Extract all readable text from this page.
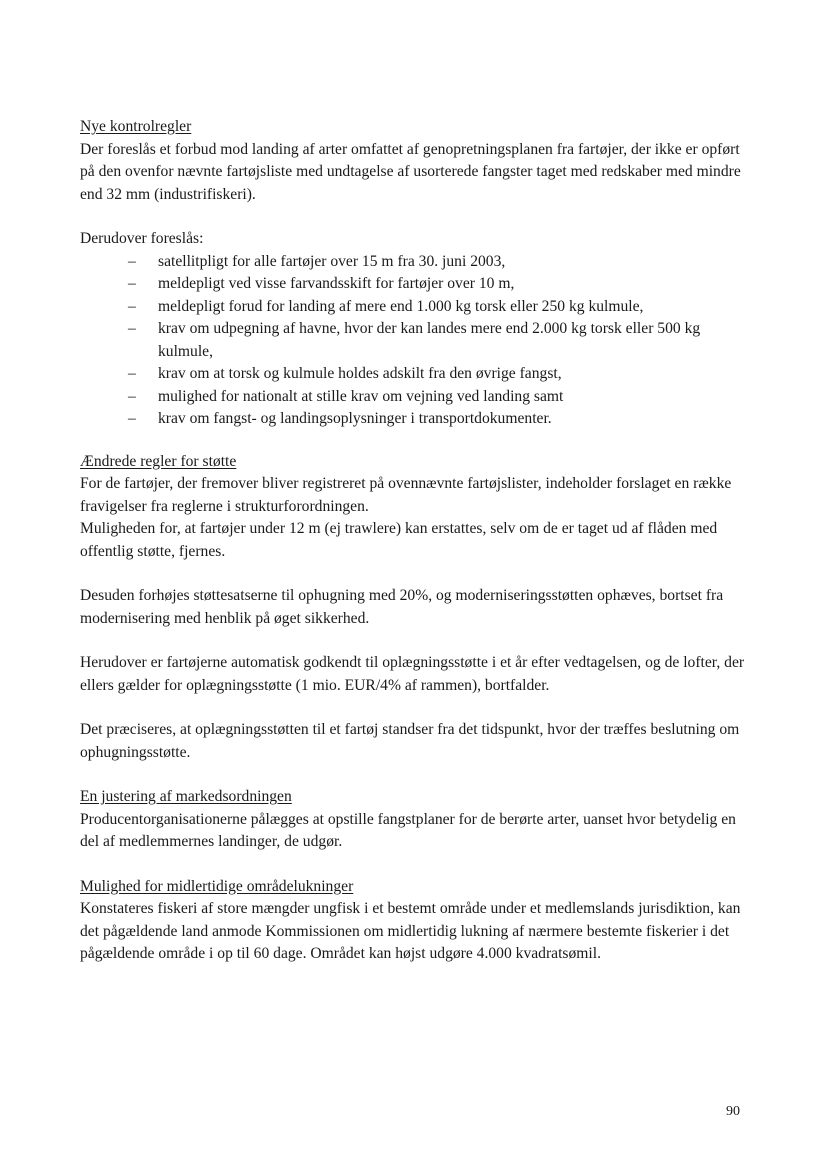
Nye kontrolregler

Der foreslås et forbud mod landing af arter omfattet af genopretningsplanen fra fartøjer, der ikke er opført på den ovenfor nævnte fartøjsliste med undtagelse af usorterede fangster taget med redskaber med mindre end 32 mm (industrifiskeri).

Derudover foreslås:

– satellitpligt for alle fartøjer over 15 m fra 30. juni 2003,
– meldepligt ved visse farvandsskift for fartøjer over 10 m,
– meldepligt forud for landing af mere end 1.000 kg torsk eller 250 kg kulmule,
– krav om udpegning af havne, hvor der kan landes mere end 2.000 kg torsk eller 500 kg kulmule,
– krav om at torsk og kulmule holdes adskilt fra den øvrige fangst,
– mulighed for nationalt at stille krav om vejning ved landing samt
– krav om fangst- og landingsoplysninger i transportdokumenter.

Ændrede regler for støtte

For de fartøjer, der fremover bliver registreret på ovennævnte fartøjslister, indeholder forslaget en række fravigelser fra reglerne i strukturforordningen.

Muligheden for, at fartøjer under 12 m (ej trawlere) kan erstattes, selv om de er taget ud af flåden med offentlig støtte, fjernes.

Desuden forhøjes støttesatserne til ophugning med 20%, og moderniseringsstøtten ophæves, bortset fra modernisering med henblik på øget sikkerhed.

Herudover er fartøjerne automatisk godkendt til oplægningsstøtte i et år efter vedtagelsen, og de lofter, der ellers gælder for oplægningsstøtte (1 mio. EUR/4% af rammen), bortfalder.

Det præciseres, at oplægningsstøtten til et fartøj standser fra det tidspunkt, hvor der træffes beslutning om ophugningsstøtte.

En justering af markedsordningen

Producentorganisationerne pålægges at opstille fangstplaner for de berørte arter, uanset hvor betydelig en del af medlemmernes landinger, de udgør.

Mulighed for midlertidige områdelukninger

Konstateres fiskeri af store mængder ungfisk i et bestemt område under et medlemslands jurisdiktion, kan det pågældende land anmode Kommissionen om midlertidig lukning af nærmere bestemte fiskerier i det pågældende område i op til 60 dage. Området kan højst udgøre 4.000 kvadratsømil.

90
